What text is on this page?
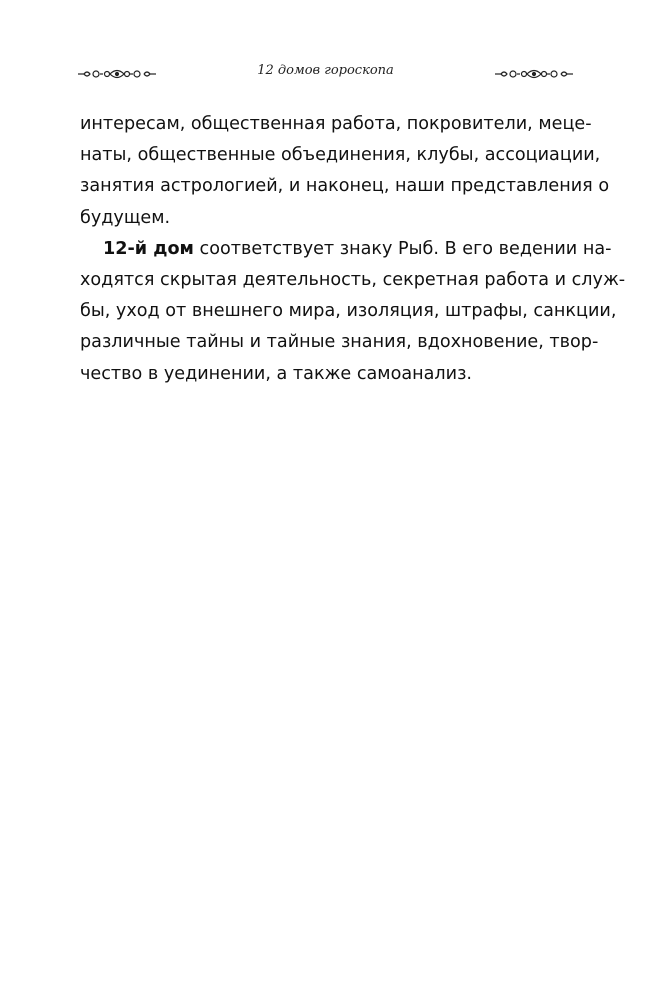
12 домов гороскопа
интересам, общественная работа, покровители, меце-
наты, общественные объединения, клубы, ассоциации,
занятия астрологией, и наконец, наши представления о
будущем.
12-й дом соответствует знаку Рыб. В его ведении на-
ходятся скрытая деятельность, секретная работа и служ-
бы, уход от внешнего мира, изоляция, штрафы, санкции,
различные тайны и тайные знания, вдохновение, твор-
чество в уединении, а также самоанализ.
